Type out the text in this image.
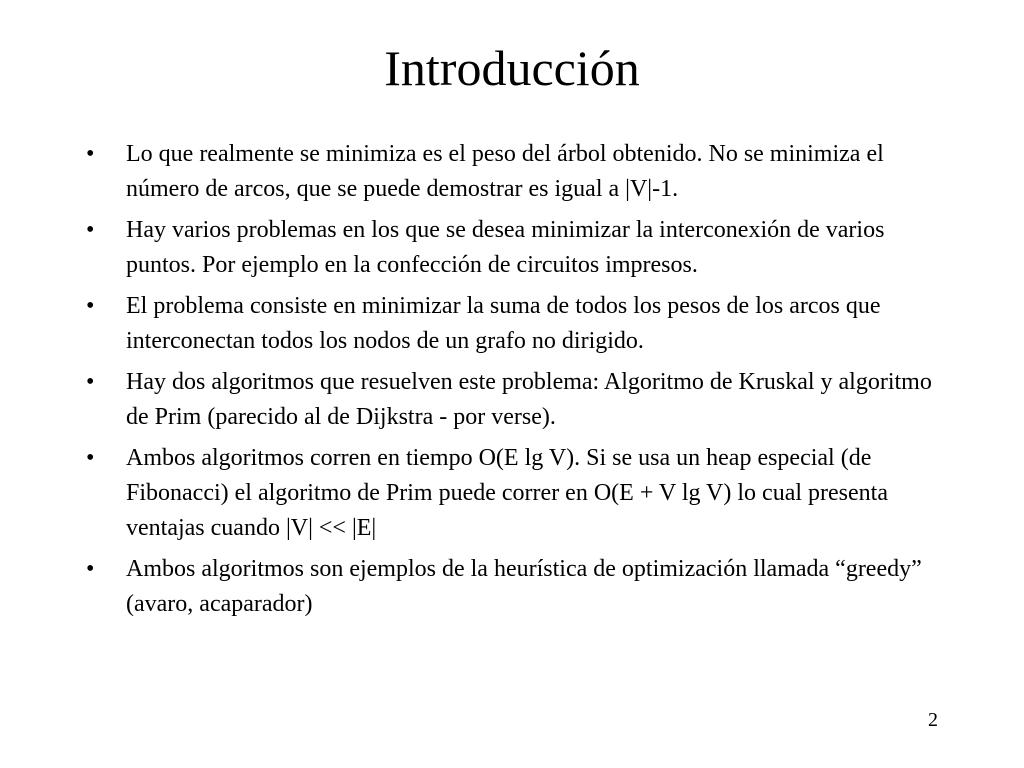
Introducción
•	Lo que realmente se minimiza es el peso del árbol obtenido. No se minimiza el número de arcos, que se puede demostrar es igual a |V|-1.
•	Hay varios problemas en los que se desea minimizar la interconexión de varios puntos. Por ejemplo en la confección de circuitos impresos.
•	El problema consiste en minimizar la suma de todos los pesos de los arcos que interconectan todos los nodos de un grafo no dirigido.
•	Hay dos algoritmos que resuelven este problema: Algoritmo de Kruskal y algoritmo de Prim (parecido al de Dijkstra - por verse).
•	Ambos algoritmos corren en tiempo O(E lg V). Si se usa un heap especial (de Fibonacci) el algoritmo de Prim puede correr en O(E + V lg V) lo cual presenta ventajas cuando |V| << |E|
•	Ambos algoritmos son ejemplos de la heurística de optimización llamada “greedy” (avaro, acaparador)
2
